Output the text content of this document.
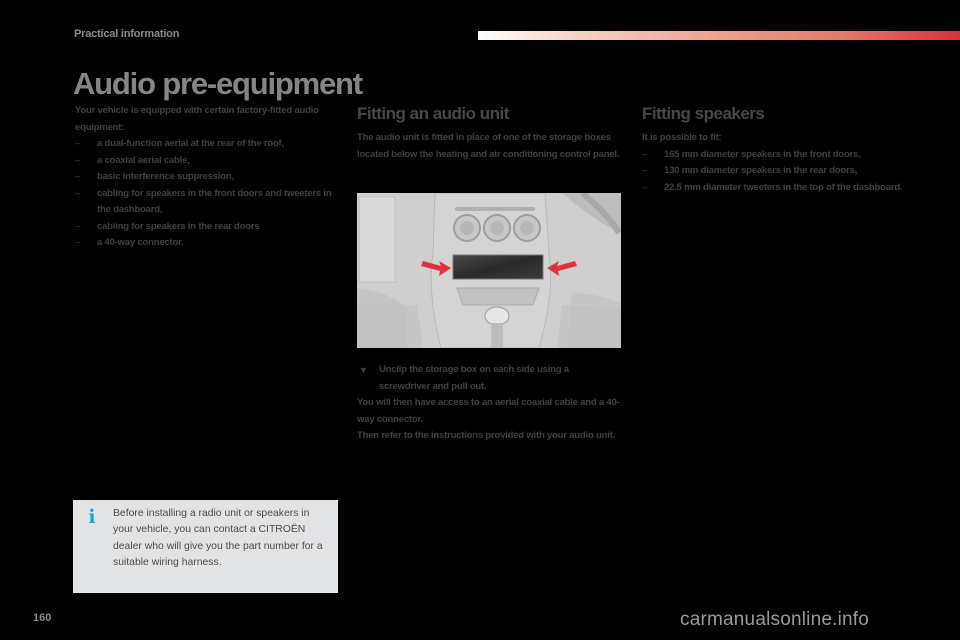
Practical information
Audio pre-equipment

Your vehicle is equipped with certain factory-fitted audio equipment:

– a dual-function aerial at the rear of the roof,
– a coaxial aerial cable,
– basic interference suppression,
– cabling for speakers in the front doors and tweeters in the dashboard,
– cabling for speakers in the rear doors
– a 40-way connector.
Fitting an audio unit

The audio unit is fitted in place of one of the storage boxes located below the heating and air conditioning control panel.

▼ Unclip the storage box on each side using a screwdriver and pull out.

You will then have access to an aerial coaxial cable and a 40-way connector.

Then refer to the instructions provided with your audio unit.

Fitting speakers

It is possible to fit:

– 165 mm diameter speakers in the front doors,
– 130 mm diameter speakers in the rear doors,
– 22.5 mm diameter tweeters in the top of the dashboard.
i Before installing a radio unit or speakers in your vehicle, you can contact a CITROËN dealer who will give you the part number for a suitable wiring harness.

160	carmanualsonline.info
